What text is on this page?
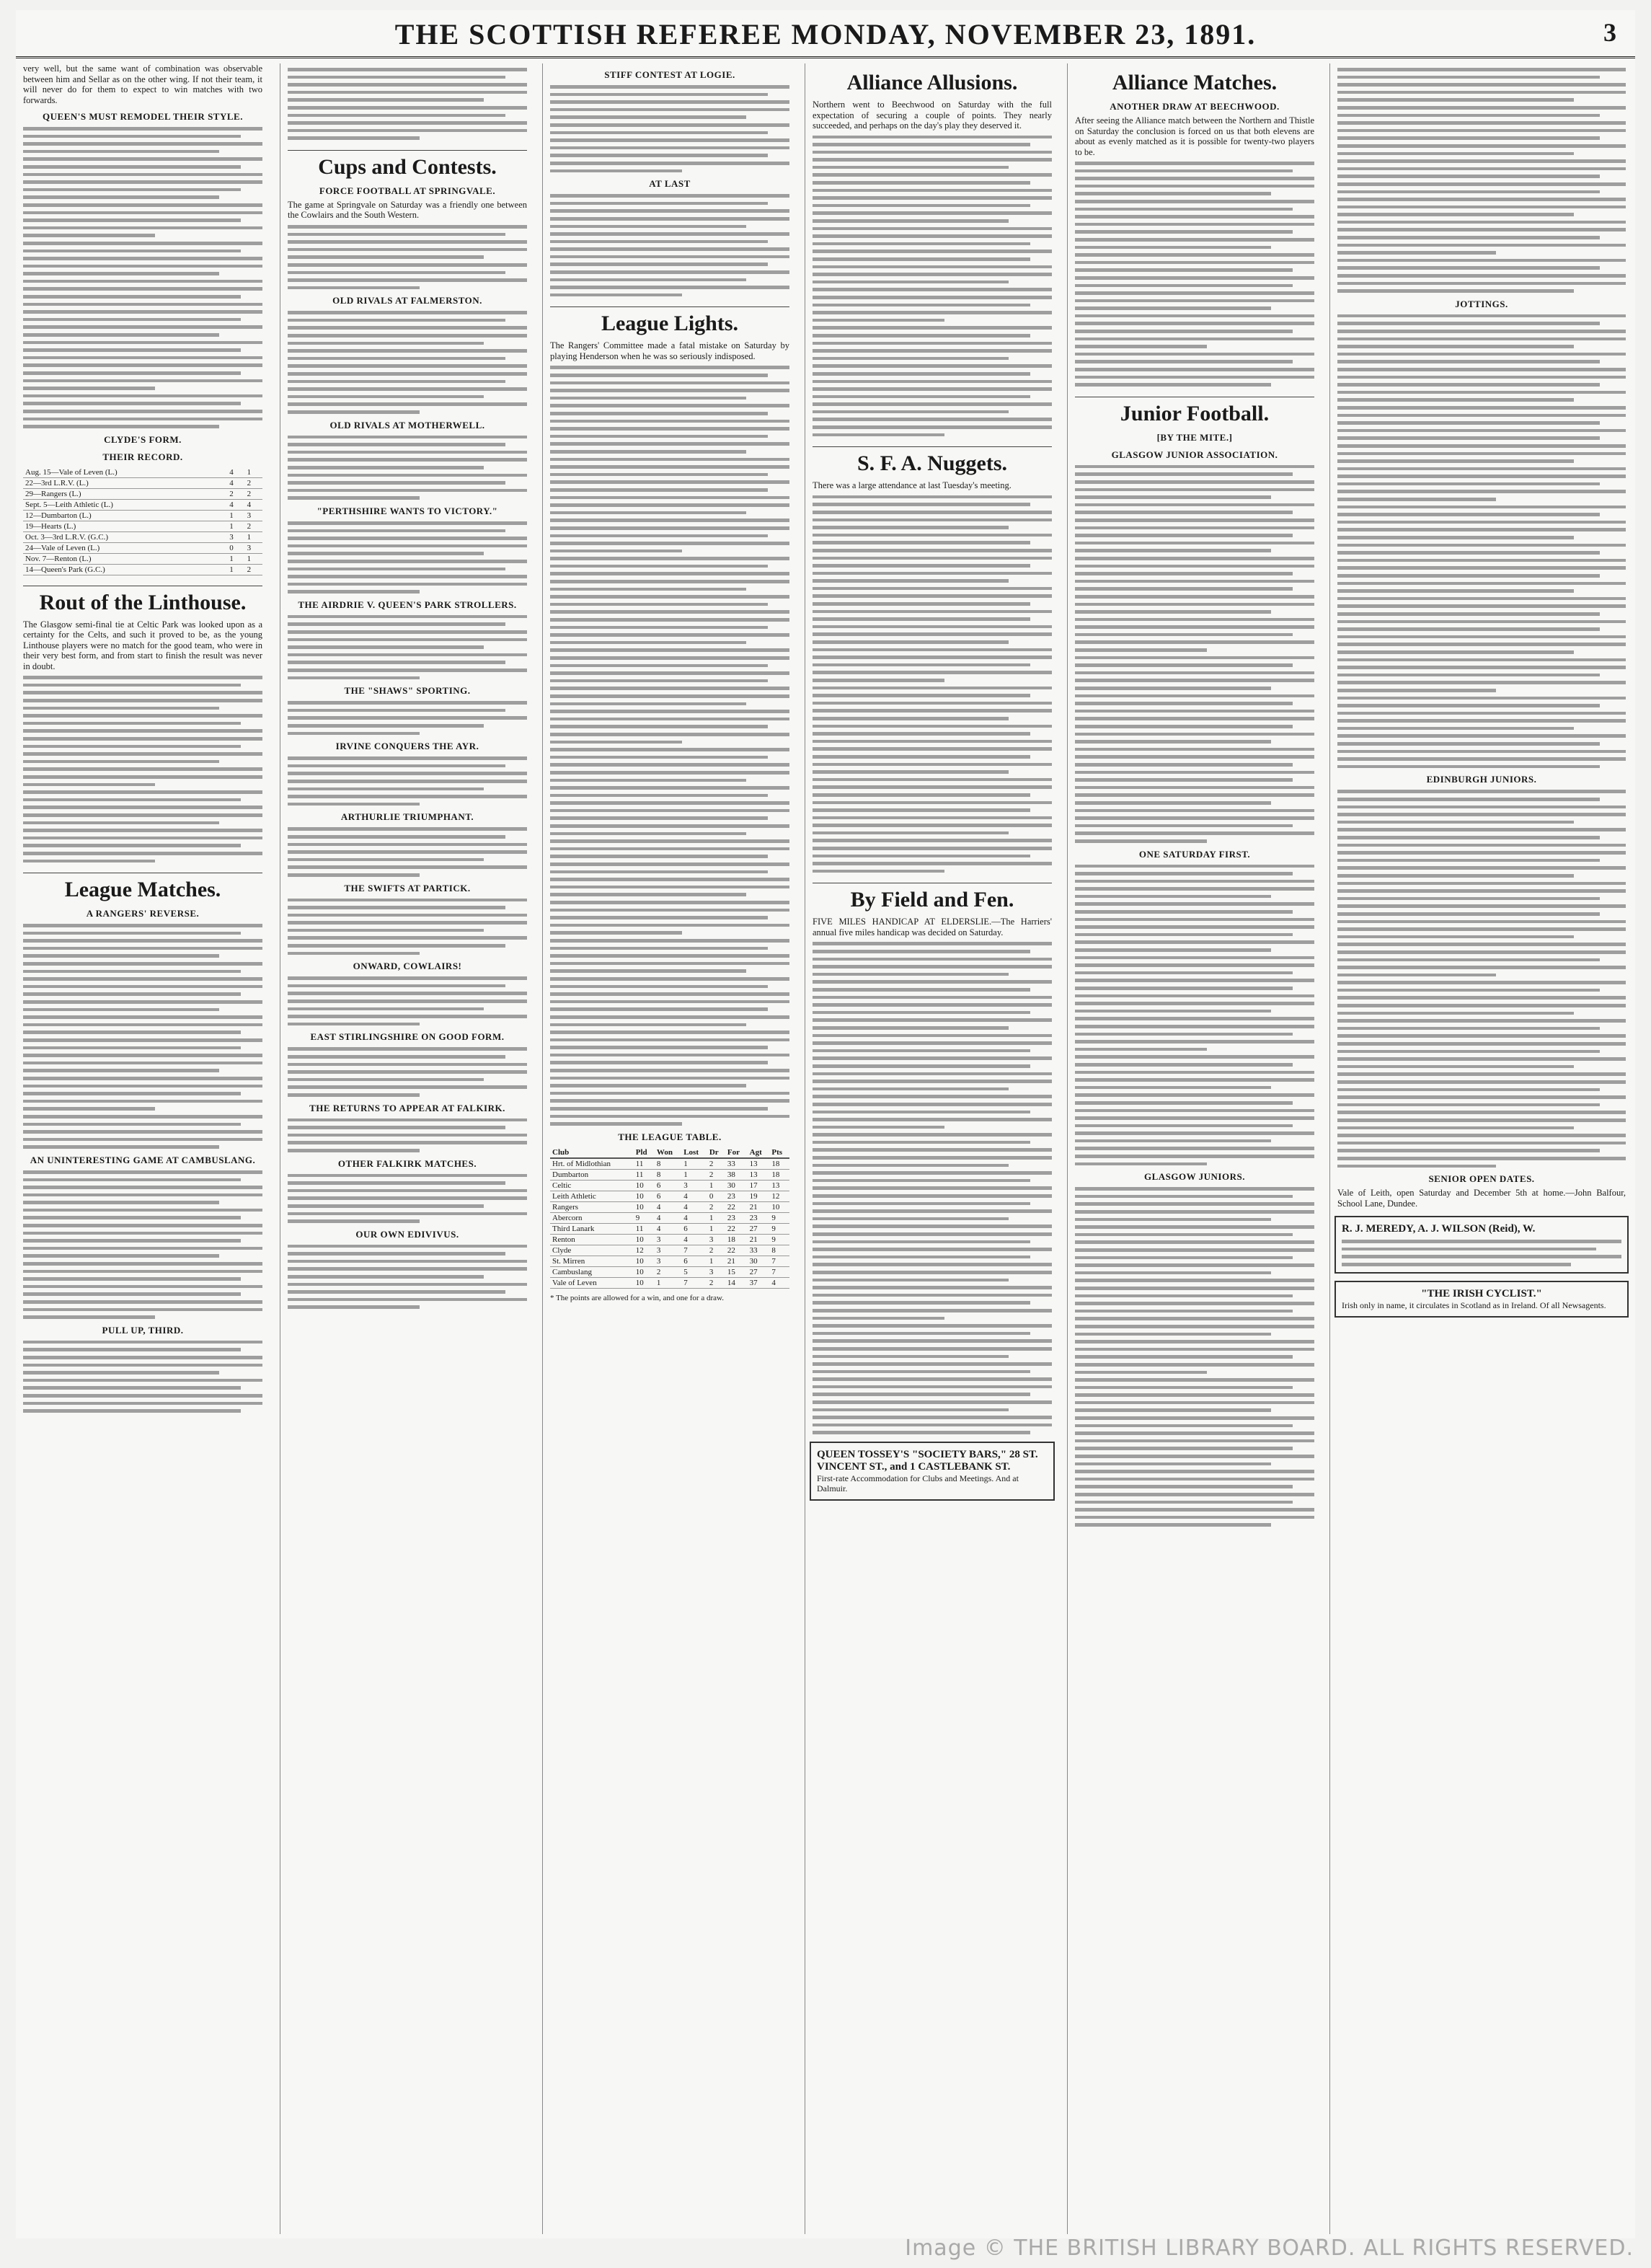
THE SCOTTISH REFEREE MONDAY, NOVEMBER 23, 1891.	3

very well, but the same want of combination was observable between him and Sellar as on the other wing. If not their team, it will never do for them to expect to win matches with two forwards.

QUEEN'S MUST REMODEL THEIR STYLE.
CLYDE'S FORM.
THEIR RECORD.
Aug. 15—Vale of Leven (L.)	4	1
22—3rd L.R.V. (L.)	4	2
29—Rangers (L.)	2	2
Sept. 5—Leith Athletic (L.)	4	4
12—Dumbarton (L.)	1	3
19—Hearts (L.)	1	2
Oct. 3—3rd L.R.V. (G.C.)	3	1
24—Vale of Leven (L.)	0	3
Nov. 7—Renton (L.)	1	1
14—Queen's Park (G.C.)	1	2
Rout of the Linthouse.

The Glasgow semi-final tie at Celtic Park was looked upon as a certainty for the Celts, and such it proved to be, as the young Linthouse players were no match for the good team, who were in their very best form, and from start to finish the result was never in doubt.

League Matches.
A RANGERS' REVERSE.
AN UNINTERESTING GAME AT CAMBUSLANG.
PULL UP, THIRD.
Cups and Contests.
FORCE FOOTBALL AT SPRINGVALE.

The game at Springvale on Saturday was a friendly one between the Cowlairs and the South Western.

OLD RIVALS AT FALMERSTON.
OLD RIVALS AT MOTHERWELL.
"PERTHSHIRE WANTS TO VICTORY."
THE AIRDRIE V. QUEEN'S PARK STROLLERS.
THE "SHAWS" SPORTING.
IRVINE CONQUERS THE AYR.
ARTHURLIE TRIUMPHANT.
THE SWIFTS AT PARTICK.
ONWARD, COWLAIRS!
EAST STIRLINGSHIRE ON GOOD FORM.
THE RETURNS TO APPEAR AT FALKIRK.
OTHER FALKIRK MATCHES.
OUR OWN EDIVIVUS.
STIFF CONTEST AT LOGIE.
AT LAST
League Lights.

The Rangers' Committee made a fatal mistake on Saturday by playing Henderson when he was so seriously indisposed.

THE LEAGUE TABLE.
Club	Pld	Won	Lost	Dr	For	Agt	Pts
Hrt. of Midlothian	11	8	1	2	33	13	18
Dumbarton	11	8	1	2	38	13	18
Celtic	10	6	3	1	30	17	13
Leith Athletic	10	6	4	0	23	19	12
Rangers	10	4	4	2	22	21	10
Abercorn	9	4	4	1	23	23	9
Third Lanark	11	4	6	1	22	27	9
Renton	10	3	4	3	18	21	9
Clyde	12	3	7	2	22	33	8
St. Mirren	10	3	6	1	21	30	7
Cambuslang	10	2	5	3	15	27	7
Vale of Leven	10	1	7	2	14	37	4

* The points are allowed for a win, and one for a draw.

Alliance Allusions.

Northern went to Beechwood on Saturday with the full expectation of securing a couple of points. They nearly succeeded, and perhaps on the day's play they deserved it.

S. F. A. Nuggets.

There was a large attendance at last Tuesday's meeting.

By Field and Fen.

FIVE MILES HANDICAP AT ELDERSLIE.—The Harriers' annual five miles handicap was decided on Saturday.

QUEEN TOSSEY'S "SOCIETY BARS," 28 ST. VINCENT ST., and 1 CASTLEBANK ST.
First-rate Accommodation for Clubs and Meetings. And at Dalmuir.
Alliance Matches.
ANOTHER DRAW AT BEECHWOOD.

After seeing the Alliance match between the Northern and Thistle on Saturday the conclusion is forced on us that both elevens are about as evenly matched as it is possible for twenty-two players to be.

Junior Football.
[BY THE MITE.]
GLASGOW JUNIOR ASSOCIATION.
ONE SATURDAY FIRST.
GLASGOW JUNIORS.
JOTTINGS.
EDINBURGH JUNIORS.
SENIOR OPEN DATES.

Vale of Leith, open Saturday and December 5th at home.—John Balfour, School Lane, Dundee.

R. J. MEREDY, A. J. WILSON (Reid), W.
"THE IRISH CYCLIST."
Irish only in name, it circulates in Scotland as in Ireland. Of all Newsagents.
Image © THE BRITISH LIBRARY BOARD. ALL RIGHTS RESERVED.
